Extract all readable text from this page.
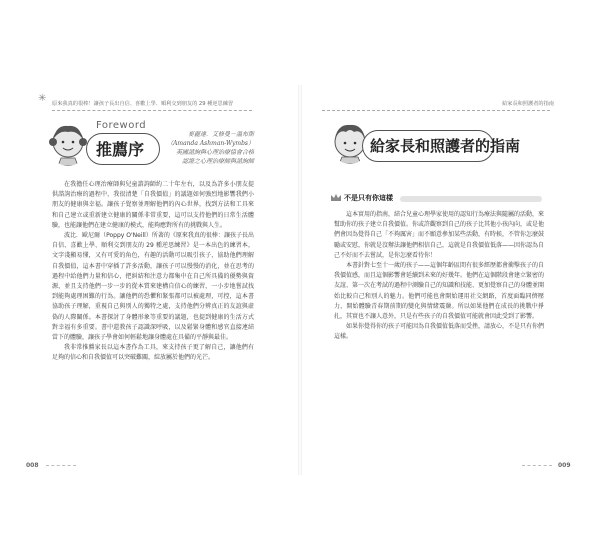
✳ 原來我真的很棒！讓孩子長出自信、喜歡上學、順利交到朋友的 29 種逆思練習
Foreword
推薦序
麥麗達．艾修曼－溫布斯
（Amanda Ashman-Wymbs）
英國諮詢與心理治療協會合格
認證之心理治療師與諮詢師

在我擔任心理治療師與兒童諮詢師約二十年左右，以及為許多小朋友提供諮詢治療的過程中，我很清楚「自我價值」的議題如何強烈地影響我們小朋友的健康與幸福。讓孩子覺察並理解他們的內心世界，找到方法和工具來和自己建立或重新建立健康的關係非常重要，這可以支持他們的日常生活體驗，也能讓他們在建立健康的模式，能夠應對所有的挑戰與人生。

波比．歐尼爾（Poppy O'Neill）所著的《原來我真的很棒：讓孩子長出自信、喜歡上學、順利交到朋友的 29 種逆思練習》是一本出色的練習本，文字淺顯易懂，又有可愛的角色，有趣的活動可以吸引孩子，協助他們理解自我價值，這本書中穿插了許多活動，讓孩子可以慢慢的消化，並在思考的過程中給他們力量和信心，把糾結和注意力都集中在自己所具備的優勢與資源，並且支持他們一步一步的從本質來建構自信心的練習，一小步地嘗試找到能夠處理困難的行為。讓他們的恐懼和緊張都可以被處理，可控，這本書協助孩子理解，重視自己與別人的獨特之處，支持他們分辨真正的友誼與虛偽的人際關係。本書探討了身體形象等重要的議題，也提到健康的生活方式對幸福有多重要。書中還教孩子認識深呼吸，以及鬆緊身體和感官直接連結當下的體驗，讓孩子學會如何輕鬆地讓身體處在具備的平靜與最佳。

我非常推薦家長以這本書作為工具，來支持孩子更了解自己，讓他們有足夠的信心和自我價值可以突破難關，綻放屬於他們的光芒。

008
給家長和照護者的指南
給家長和照護者的指南
不是只有你這樣

這本實用的指南，結合兒童心理學家使用的認知行為療法與隨屬的活動，來幫助你的孩子建立自我價值。你或許觀察到自己的孩子比其他小孩內向，或是他們會因為覺得自己「不夠厲害」而不願意參加某些活動，有時候，不管你怎麼鼓勵或安慰，你就是沒辦法讓他們相信自己，這就是自我價值低落——因你認為自己不好而不去嘗試，是你怎麼看待你！

本書針對七至十一歲的孩子——這個年齡區間有很多經歷都會衝擊孩子的自我價值感，而且這個影響會延續到未來的好幾年。他們在這個階段會建立緊密的友誼、第一次在考試的過程中測驗自己的知識和技能、更加覺察自己的身體並開始比較自己和別人的魅力。他們可能也會開始運用社交網路，首度面臨同儕壓力，開始體驗青春期前期的變化與情緒震盪。所以如果他們在成長的挑戰中掙扎，其實也不讓人意外，只是有些孩子的自我價值可能就會因此受到了影響。

如果你覺得你的孩子可能因為自我價值低落而受挫，請放心，不是只有你們這樣。

009
